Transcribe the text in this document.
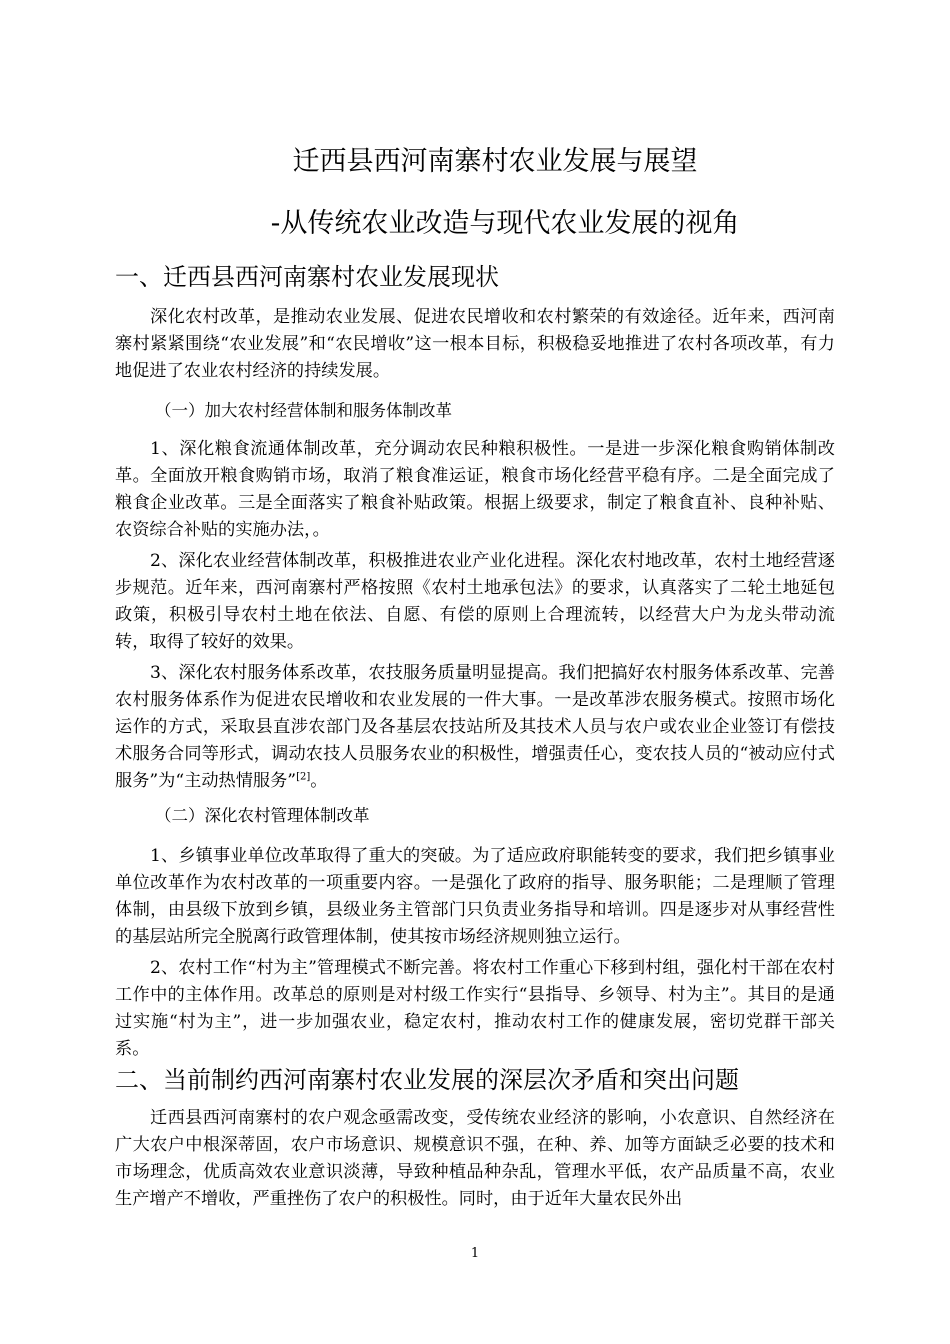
迁西县西河南寨村农业发展与展望
-从传统农业改造与现代农业发展的视角
一、迁西县西河南寨村农业发展现状

深化农村改革，是推动农业发展、促进农民增收和农村繁荣的有效途径。近年来，西河南寨村紧紧围绕“农业发展”和“农民增收”这一根本目标，积极稳妥地推进了农村各项改革，有力地促进了农业农村经济的持续发展。

（一）加大农村经营体制和服务体制改革

1、深化粮食流通体制改革，充分调动农民种粮积极性。一是进一步深化粮食购销体制改革。全面放开粮食购销市场，取消了粮食准运证，粮食市场化经营平稳有序。二是全面完成了粮食企业改革。三是全面落实了粮食补贴政策。根据上级要求，制定了粮食直补、良种补贴、农资综合补贴的实施办法，。

2、深化农业经营体制改革，积极推进农业产业化进程。深化农村地改革，农村土地经营逐步规范。近年来，西河南寨村严格按照《农村土地承包法》的要求，认真落实了二轮土地延包政策，积极引导农村土地在依法、自愿、有偿的原则上合理流转，以经营大户为龙头带动流转，取得了较好的效果。

3、深化农村服务体系改革，农技服务质量明显提高。我们把搞好农村服务体系改革、完善农村服务体系作为促进农民增收和农业发展的一件大事。一是改革涉农服务模式。按照市场化运作的方式，采取县直涉农部门及各基层农技站所及其技术人员与农户或农业企业签订有偿技术服务合同等形式，调动农技人员服务农业的积极性，增强责任心，变农技人员的“被动应付式服务”为“主动热情服务”[2]。

（二）深化农村管理体制改革

1、乡镇事业单位改革取得了重大的突破。为了适应政府职能转变的要求，我们把乡镇事业单位改革作为农村改革的一项重要内容。一是强化了政府的指导、服务职能；二是理顺了管理体制，由县级下放到乡镇，县级业务主管部门只负责业务指导和培训。四是逐步对从事经营性的基层站所完全脱离行政管理体制，使其按市场经济规则独立运行。

2、农村工作“村为主”管理模式不断完善。将农村工作重心下移到村组，强化村干部在农村工作中的主体作用。改革总的原则是对村级工作实行“县指导、乡领导、村为主”。其目的是通过实施“村为主”，进一步加强农业，稳定农村，推动农村工作的健康发展，密切党群干部关系。

二、当前制约西河南寨村农业发展的深层次矛盾和突出问题

迁西县西河南寨村的农户观念亟需改变，受传统农业经济的影响，小农意识、自然经济在广大农户中根深蒂固，农户市场意识、规模意识不强，在种、养、加等方面缺乏必要的技术和市场理念，优质高效农业意识淡薄，导致种植品种杂乱，管理水平低，农产品质量不高，农业生产增产不增收，严重挫伤了农户的积极性。同时，由于近年大量农民外出

1
